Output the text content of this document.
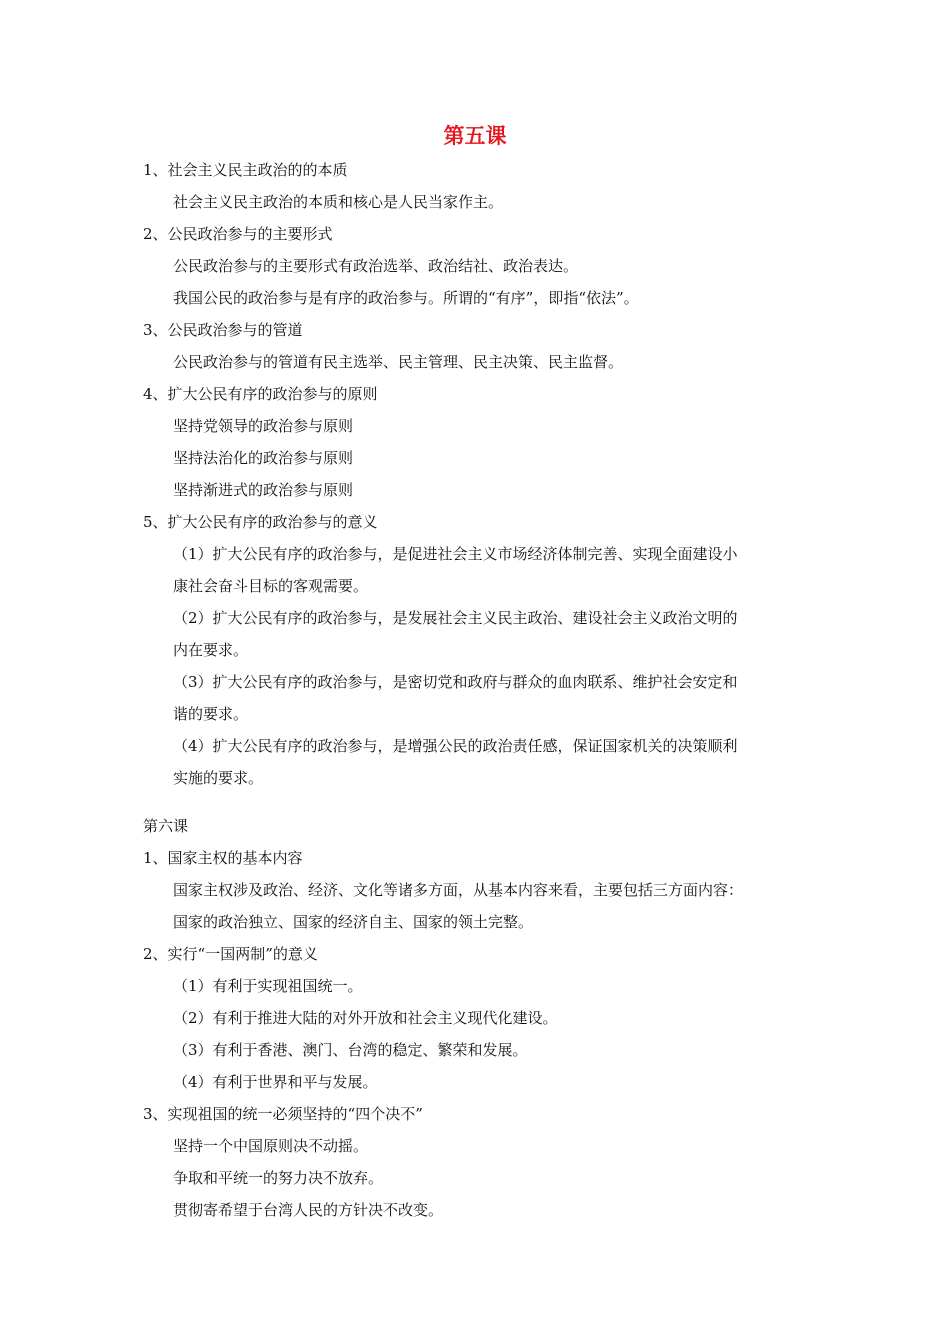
第五课
1、社会主义民主政治的的本质
社会主义民主政治的本质和核心是人民当家作主。
2、公民政治参与的主要形式
公民政治参与的主要形式有政治选举、政治结社、政治表达。
我国公民的政治参与是有序的政治参与。所谓的“有序”，即指“依法”。
3、公民政治参与的管道
公民政治参与的管道有民主选举、民主管理、民主决策、民主监督。
4、扩大公民有序的政治参与的原则
坚持党领导的政治参与原则
坚持法治化的政治参与原则
坚持渐进式的政治参与原则
5、扩大公民有序的政治参与的意义
（1）扩大公民有序的政治参与，是促进社会主义市场经济体制完善、实现全面建设小
康社会奋斗目标的客观需要。
（2）扩大公民有序的政治参与，是发展社会主义民主政治、建设社会主义政治文明的
内在要求。
（3）扩大公民有序的政治参与，是密切党和政府与群众的血肉联系、维护社会安定和
谐的要求。
（4）扩大公民有序的政治参与，是增强公民的政治责任感，保证国家机关的决策顺利
实施的要求。
第六课
1、国家主权的基本内容
国家主权涉及政治、经济、文化等诸多方面，从基本内容来看，主要包括三方面内容：
国家的政治独立、国家的经济自主、国家的领土完整。
2、实行“一国两制”的意义
（1）有利于实现祖国统一。
（2）有利于推进大陆的对外开放和社会主义现代化建设。
（3）有利于香港、澳门、台湾的稳定、繁荣和发展。
（4）有利于世界和平与发展。
3、实现祖国的统一必须坚持的“四个决不”
坚持一个中国原则决不动摇。
争取和平统一的努力决不放弃。
贯彻寄希望于台湾人民的方针决不改变。
